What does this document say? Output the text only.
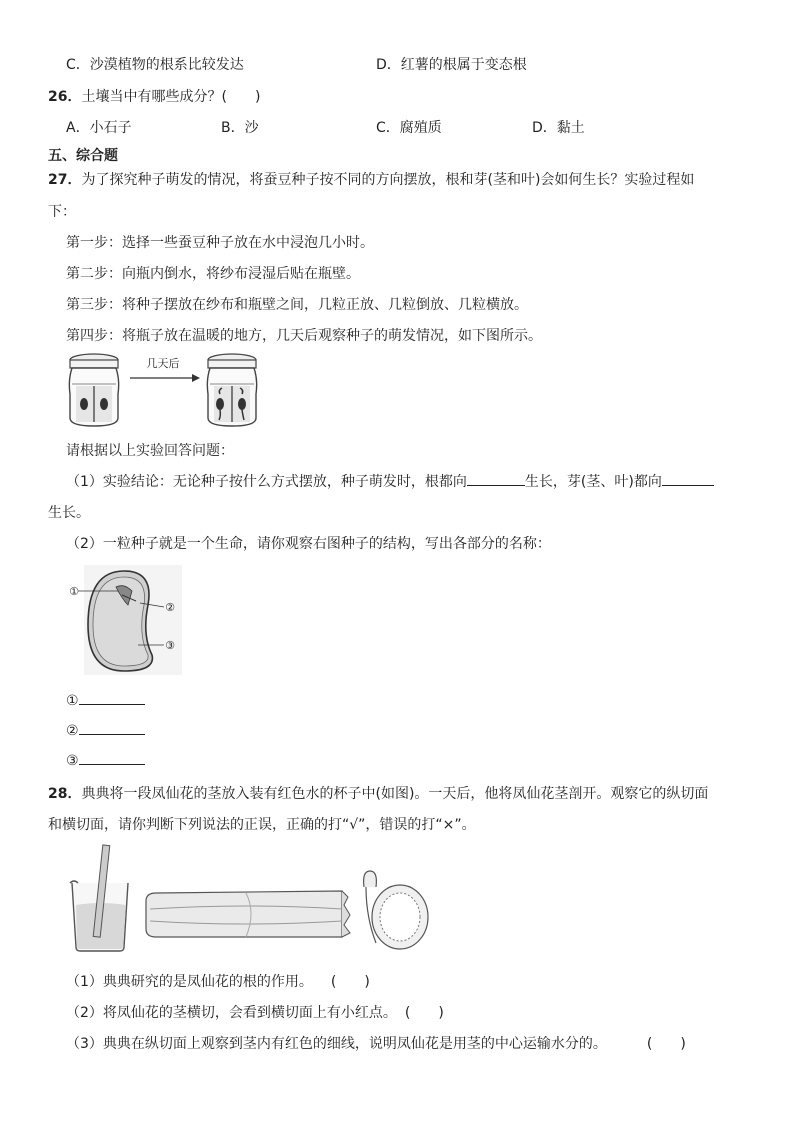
C．沙漠植物的根系比较发达	D．红薯的根属于变态根
26．土壤当中有哪些成分？(　　)
A．小石子	B．沙	C．腐殖质	D．黏土
五、综合题
27．为了探究种子萌发的情况，将蚕豆种子按不同的方向摆放，根和芽(茎和叶)会如何生长？实验过程如
下：
第一步：选择一些蚕豆种子放在水中浸泡几小时。
第二步：向瓶内倒水，将纱布浸湿后贴在瓶壁。
第三步：将种子摆放在纱布和瓶壁之间，几粒正放、几粒倒放、几粒横放。
第四步：将瓶子放在温暖的地方，几天后观察种子的萌发情况，如下图所示。
几天后
请根据以上实验回答问题：
（1）实验结论：无论种子按什么方式摆放，种子萌发时，根都向	生长，芽(茎、叶)都向
生长。
（2）一粒种子就是一个生命，请你观察右图种子的结构，写出各部分的名称：
①
②
③
①
②
③
28．典典将一段凤仙花的茎放入装有红色水的杯子中(如图)。一天后，他将凤仙花茎剖开。观察它的纵切面
和横切面，请你判断下列说法的正误，正确的打“√”，错误的打“×”。
（1）典典研究的是凤仙花的根的作用。 (　　)
（2）将凤仙花的茎横切，会看到横切面上有小红点。 (　　)
（3）典典在纵切面上观察到茎内有红色的细线，说明凤仙花是用茎的中心运输水分的。	(　　)
